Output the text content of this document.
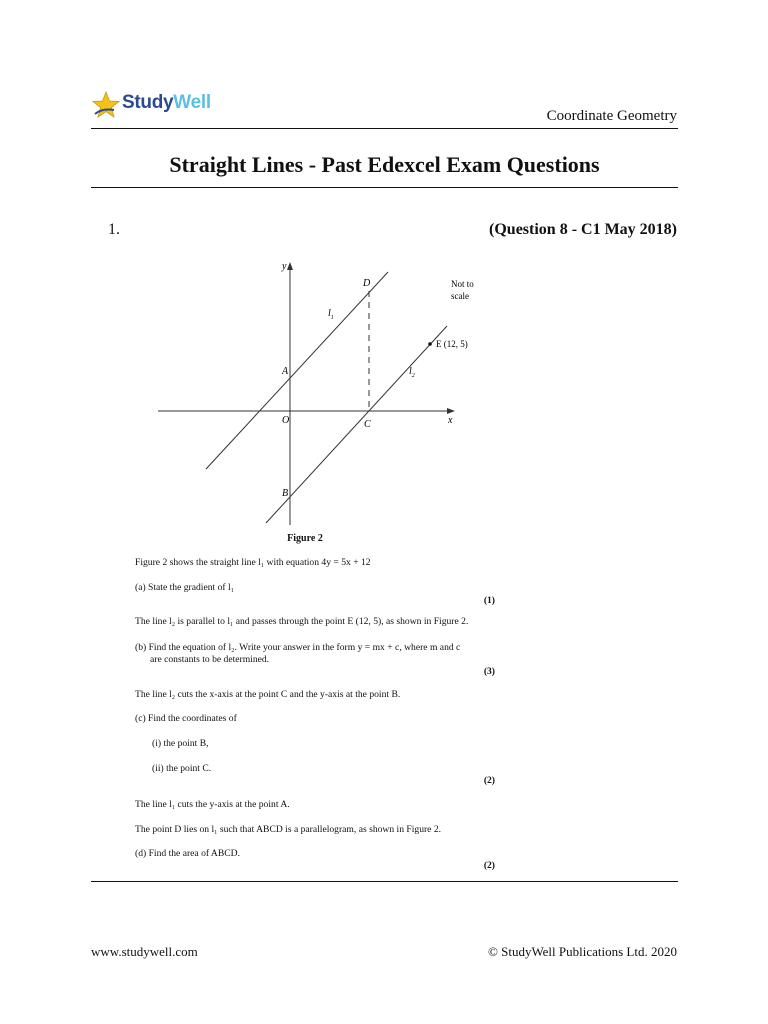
StudyWell
Coordinate Geometry
Straight Lines - Past Edexcel Exam Questions
1.	(Question 8 - C1 May 2018)
y
x
O
A
B
C
D
E (12, 5)
$l_1$
$l_2$
Not to
scale
Figure 2
Figure 2 shows the straight line l₁ with equation 4y = 5x + 12
(a) State the gradient of l₁
(1)
The line l₂ is parallel to l₁ and passes through the point E (12, 5), as shown in Figure 2.
(b) Find the equation of l₂. Write your answer in the form y = mx + c, where m and c
are constants to be determined.
(3)
The line l₂ cuts the x-axis at the point C and the y-axis at the point B.
(c) Find the coordinates of
(i) the point B,
(ii) the point C.
(2)
The line l₁ cuts the y-axis at the point A.
The point D lies on l₁ such that ABCD is a parallelogram, as shown in Figure 2.
(d) Find the area of ABCD.
(2)
www.studywell.com	© StudyWell Publications Ltd. 2020
